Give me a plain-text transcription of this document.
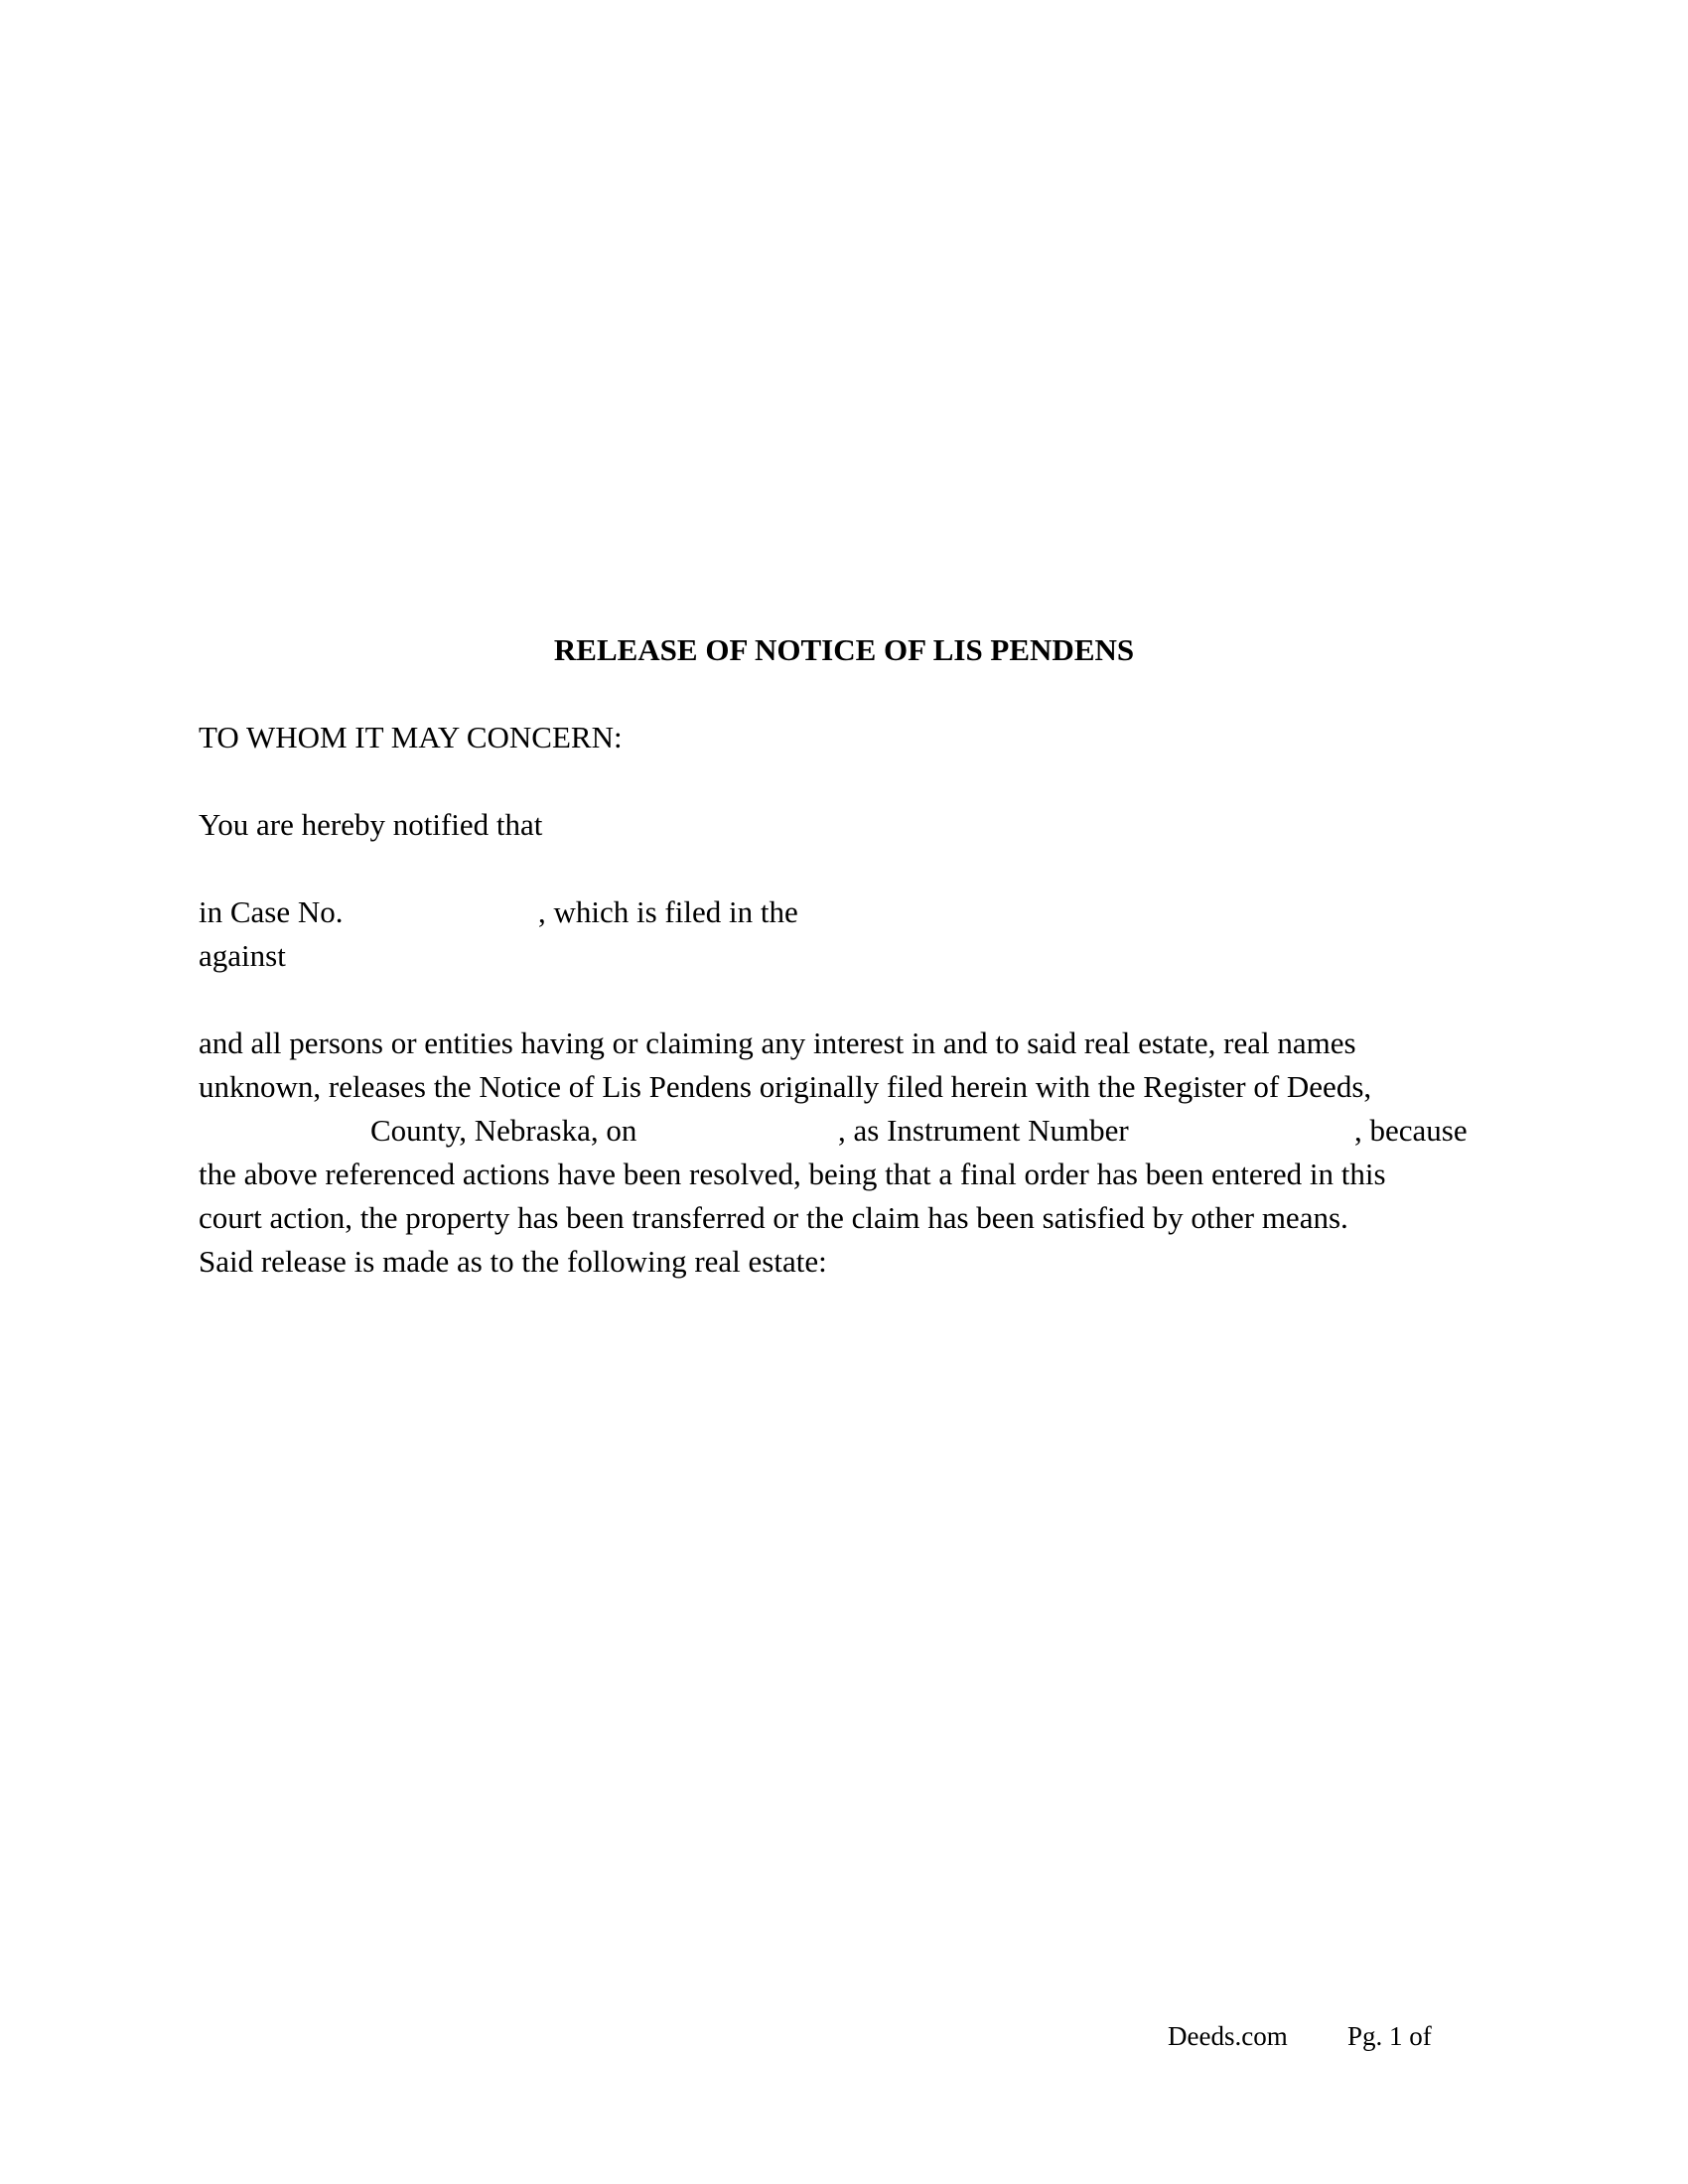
RELEASE OF NOTICE OF LIS PENDENS
TO WHOM IT MAY CONCERN:
You are hereby notified that
in Case No.	, which is filed in the
against
and all persons or entities having or claiming any interest in and to said real estate, real names
unknown, releases the Notice of Lis Pendens originally filed herein with the Register of Deeds,
County, Nebraska, on	, as Instrument Number	, because
the above referenced actions have been resolved, being that a final order has been entered in this
court action, the property has been transferred or the claim has been satisfied by other means.
Said release is made as to the following real estate:
Deeds.com Pg. 1 of
